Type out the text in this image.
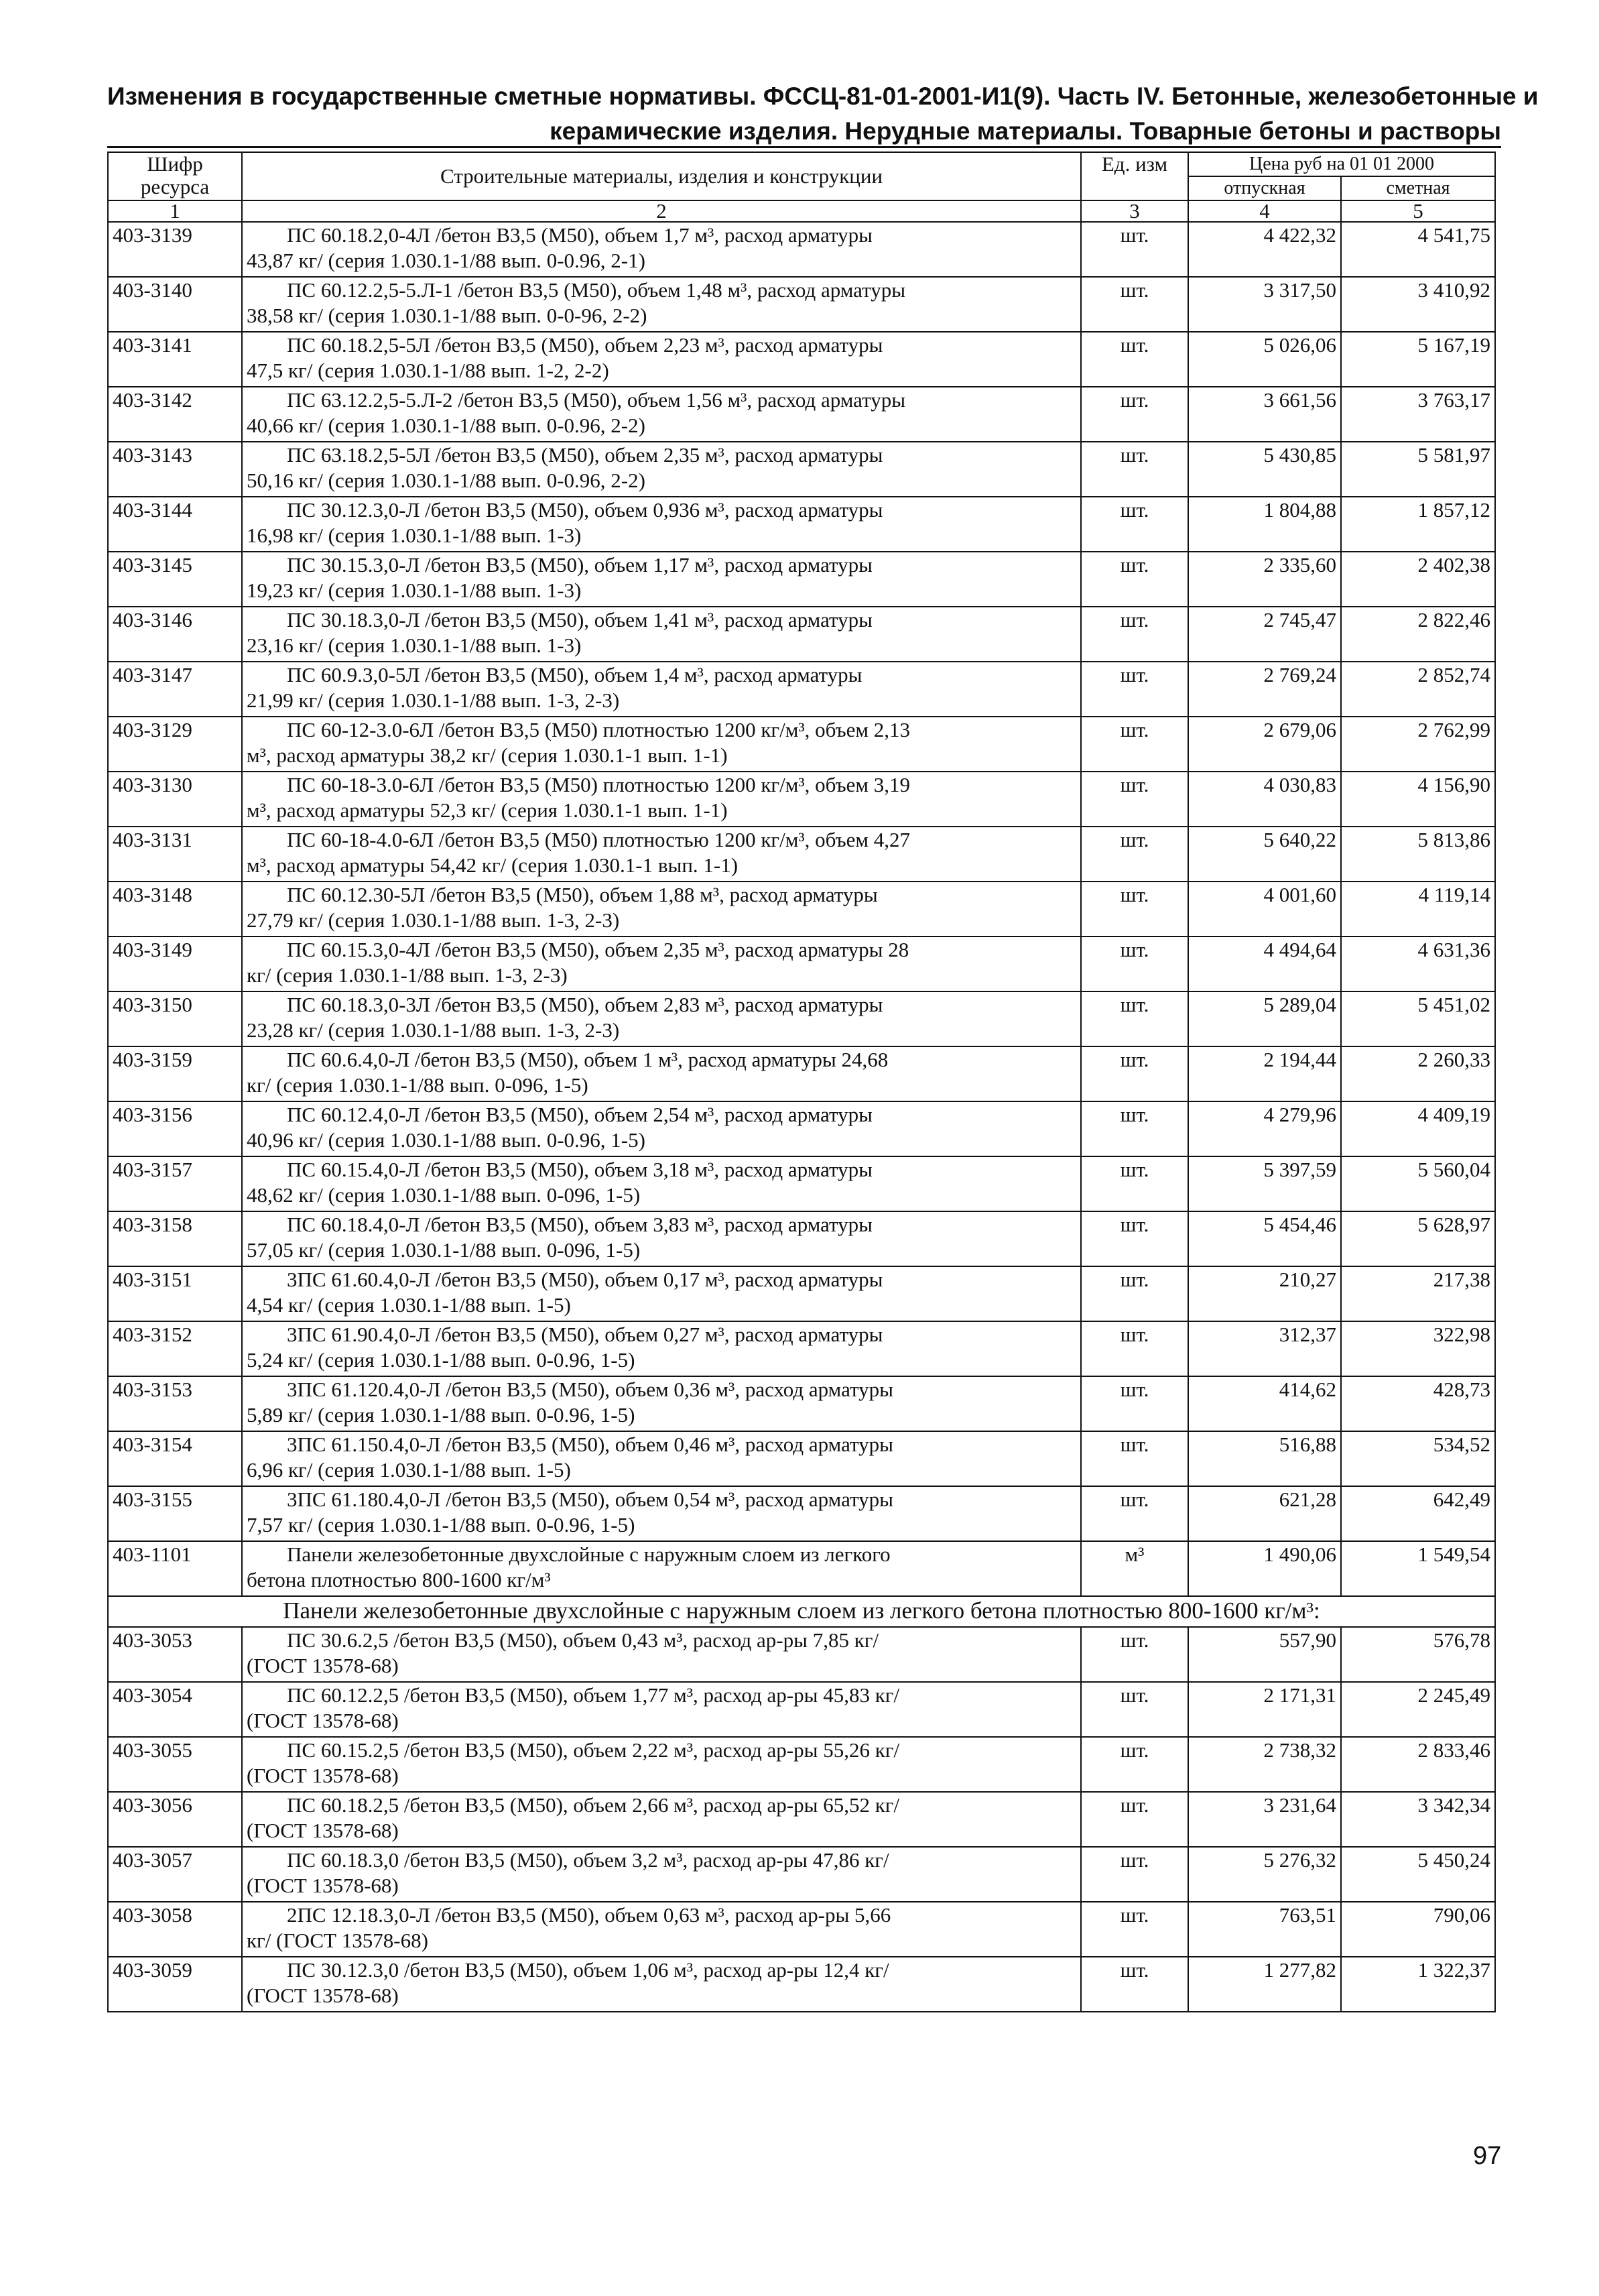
Изменения в государственные сметные нормативы. ФССЦ-81-01-2001-И1(9). Часть IV. Бетонные, железобетонные и
керамические изделия. Нерудные материалы. Товарные бетоны и растворы
Шифр ресурса	Строительные материалы, изделия и конструкции	Ед. изм	Цена руб на 01 01 2000	
			отпускная	сметная
1	2	3	4	5
403-3139	ПС 60.18.2,0-4Л /бетон В3,5 (М50), объем 1,7 м³, расход арматуры
43,87 кг/ (серия 1.030.1-1/88 вып. 0-0.96, 2-1)	шт.	4 422,32	4 541,75
403-3140	ПС 60.12.2,5-5.Л-1 /бетон В3,5 (М50), объем 1,48 м³, расход арматуры
38,58 кг/ (серия 1.030.1-1/88 вып. 0-0-96, 2-2)	шт.	3 317,50	3 410,92
403-3141	ПС 60.18.2,5-5Л /бетон В3,5 (М50), объем 2,23 м³, расход арматуры
47,5 кг/ (серия 1.030.1-1/88 вып. 1-2, 2-2)	шт.	5 026,06	5 167,19
403-3142	ПС 63.12.2,5-5.Л-2 /бетон В3,5 (М50), объем 1,56 м³, расход арматуры
40,66 кг/ (серия 1.030.1-1/88 вып. 0-0.96, 2-2)	шт.	3 661,56	3 763,17
403-3143	ПС 63.18.2,5-5Л /бетон В3,5 (М50), объем 2,35 м³, расход арматуры
50,16 кг/ (серия 1.030.1-1/88 вып. 0-0.96, 2-2)	шт.	5 430,85	5 581,97
403-3144	ПС 30.12.3,0-Л /бетон В3,5 (М50), объем 0,936 м³, расход арматуры
16,98 кг/ (серия 1.030.1-1/88 вып. 1-3)	шт.	1 804,88	1 857,12
403-3145	ПС 30.15.3,0-Л /бетон В3,5 (М50), объем 1,17 м³, расход арматуры
19,23 кг/ (серия 1.030.1-1/88 вып. 1-3)	шт.	2 335,60	2 402,38
403-3146	ПС 30.18.3,0-Л /бетон В3,5 (М50), объем 1,41 м³, расход арматуры
23,16 кг/ (серия 1.030.1-1/88 вып. 1-3)	шт.	2 745,47	2 822,46
403-3147	ПС 60.9.3,0-5Л /бетон В3,5 (М50), объем 1,4 м³, расход арматуры
21,99 кг/ (серия 1.030.1-1/88 вып. 1-3, 2-3)	шт.	2 769,24	2 852,74
403-3129	ПС 60-12-3.0-6Л /бетон В3,5 (М50) плотностью 1200 кг/м³, объем 2,13
м³, расход арматуры 38,2 кг/ (серия 1.030.1-1 вып. 1-1)	шт.	2 679,06	2 762,99
403-3130	ПС 60-18-3.0-6Л /бетон В3,5 (М50) плотностью 1200 кг/м³, объем 3,19
м³, расход арматуры 52,3 кг/ (серия 1.030.1-1 вып. 1-1)	шт.	4 030,83	4 156,90
403-3131	ПС 60-18-4.0-6Л /бетон В3,5 (М50) плотностью 1200 кг/м³, объем 4,27
м³, расход арматуры 54,42 кг/ (серия 1.030.1-1 вып. 1-1)	шт.	5 640,22	5 813,86
403-3148	ПС 60.12.30-5Л /бетон В3,5 (М50), объем 1,88 м³, расход арматуры
27,79 кг/ (серия 1.030.1-1/88 вып. 1-3, 2-3)	шт.	4 001,60	4 119,14
403-3149	ПС 60.15.3,0-4Л /бетон В3,5 (М50), объем 2,35 м³, расход арматуры 28
кг/ (серия 1.030.1-1/88 вып. 1-3, 2-3)	шт.	4 494,64	4 631,36
403-3150	ПС 60.18.3,0-3Л /бетон В3,5 (М50), объем 2,83 м³, расход арматуры
23,28 кг/ (серия 1.030.1-1/88 вып. 1-3, 2-3)	шт.	5 289,04	5 451,02
403-3159	ПС 60.6.4,0-Л /бетон В3,5 (М50), объем 1 м³, расход арматуры 24,68
кг/ (серия 1.030.1-1/88 вып. 0-096, 1-5)	шт.	2 194,44	2 260,33
403-3156	ПС 60.12.4,0-Л /бетон В3,5 (М50), объем 2,54 м³, расход арматуры
40,96 кг/ (серия 1.030.1-1/88 вып. 0-0.96, 1-5)	шт.	4 279,96	4 409,19
403-3157	ПС 60.15.4,0-Л /бетон В3,5 (М50), объем 3,18 м³, расход арматуры
48,62 кг/ (серия 1.030.1-1/88 вып. 0-096, 1-5)	шт.	5 397,59	5 560,04
403-3158	ПС 60.18.4,0-Л /бетон В3,5 (М50), объем 3,83 м³, расход арматуры
57,05 кг/ (серия 1.030.1-1/88 вып. 0-096, 1-5)	шт.	5 454,46	5 628,97
403-3151	3ПС 61.60.4,0-Л /бетон В3,5 (М50), объем 0,17 м³, расход арматуры
4,54 кг/ (серия 1.030.1-1/88 вып. 1-5)	шт.	210,27	217,38
403-3152	3ПС 61.90.4,0-Л /бетон В3,5 (М50), объем 0,27 м³, расход арматуры
5,24 кг/ (серия 1.030.1-1/88 вып. 0-0.96, 1-5)	шт.	312,37	322,98
403-3153	3ПС 61.120.4,0-Л /бетон В3,5 (М50), объем 0,36 м³, расход арматуры
5,89 кг/ (серия 1.030.1-1/88 вып. 0-0.96, 1-5)	шт.	414,62	428,73
403-3154	3ПС 61.150.4,0-Л /бетон В3,5 (М50), объем 0,46 м³, расход арматуры
6,96 кг/ (серия 1.030.1-1/88 вып. 1-5)	шт.	516,88	534,52
403-3155	3ПС 61.180.4,0-Л /бетон В3,5 (М50), объем 0,54 м³, расход арматуры
7,57 кг/ (серия 1.030.1-1/88 вып. 0-0.96, 1-5)	шт.	621,28	642,49
403-1101	Панели железобетонные двухслойные с наружным слоем из легкого
бетона плотностью 800-1600 кг/м³	м³	1 490,06	1 549,54
Панели железобетонные двухслойные с наружным слоем из легкого бетона плотностью 800-1600 кг/м³:				
403-3053	ПС 30.6.2,5 /бетон В3,5 (М50), объем 0,43 м³, расход ар-ры 7,85 кг/
(ГОСТ 13578-68)	шт.	557,90	576,78
403-3054	ПС 60.12.2,5 /бетон В3,5 (М50), объем 1,77 м³, расход ар-ры 45,83 кг/
(ГОСТ 13578-68)	шт.	2 171,31	2 245,49
403-3055	ПС 60.15.2,5 /бетон В3,5 (М50), объем 2,22 м³, расход ар-ры 55,26 кг/
(ГОСТ 13578-68)	шт.	2 738,32	2 833,46
403-3056	ПС 60.18.2,5 /бетон В3,5 (М50), объем 2,66 м³, расход ар-ры 65,52 кг/
(ГОСТ 13578-68)	шт.	3 231,64	3 342,34
403-3057	ПС 60.18.3,0 /бетон В3,5 (М50), объем 3,2 м³, расход ар-ры 47,86 кг/
(ГОСТ 13578-68)	шт.	5 276,32	5 450,24
403-3058	2ПС 12.18.3,0-Л /бетон В3,5 (М50), объем 0,63 м³, расход ар-ры 5,66
кг/ (ГОСТ 13578-68)	шт.	763,51	790,06
403-3059	ПС 30.12.3,0 /бетон В3,5 (М50), объем 1,06 м³, расход ар-ры 12,4 кг/
(ГОСТ 13578-68)	шт.	1 277,82	1 322,37
97
